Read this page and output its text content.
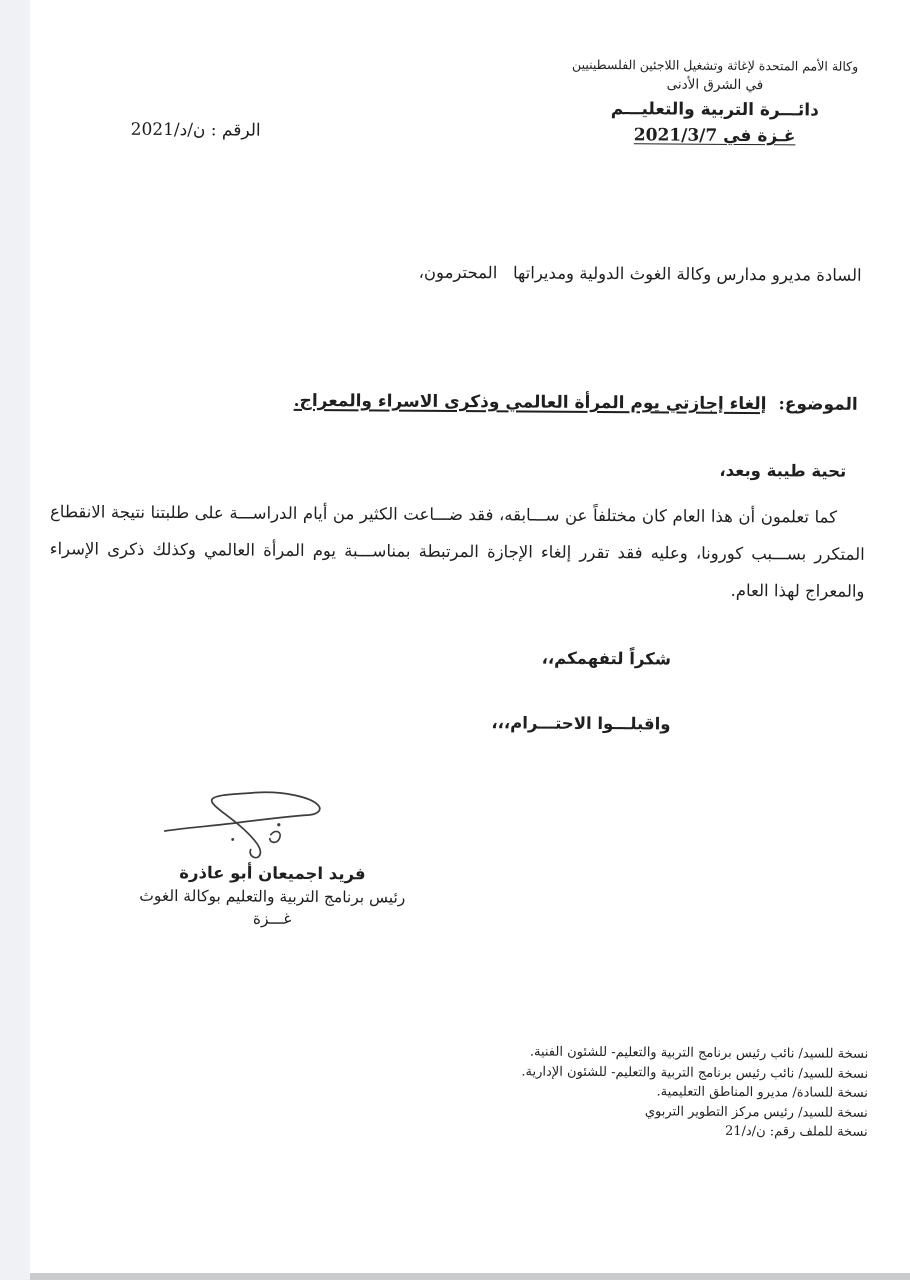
وكالة الأمم المتحدة لإغاثة وتشغيل اللاجئين الفلسطينيين
في الشرق الأدنى
دائـــرة التربية والتعليـــم
غـزة في 2021/3/7
الرقم : ن/د/2021
السادة مديرو مدارس وكالة الغوث الدولية ومديراتها   المحترمون،
الموضوع:إلغاء إجازتي يوم المرأة العالمي وذكرى الاسراء والمعراج.
تحية طيبة وبعد،
كما تعلمون أن هذا العام كان مختلفاً عن ســـابقه، فقد ضـــاعت الكثير من أيام الدراســـة على طلبتنا نتيجة الانقطاع المتكرر بســـبب كورونا، وعليه فقد تقرر إلغاء الإجازة المرتبطة بمناســـبة يوم المرأة العالمي وكذلك ذكرى الإسراء والمعراج لهذا العام.
شكراً لتفهمكم،،
واقبلـــوا الاحتـــرام،،،
فريد اجميعان أبو عاذرة
رئيس برنامج التربية والتعليم بوكالة الغوث
غـــزة
نسخة للسيد/ نائب رئيس برنامج التربية والتعليم- للشئون الفنية.
نسخة للسيد/ نائب رئيس برنامج التربية والتعليم- للشئون الإدارية.
نسخة للسادة/ مديرو المناطق التعليمية.
نسخة للسيد/ رئيس مركز التطوير التربوي
نسخة للملف رقم: ن/د/21
